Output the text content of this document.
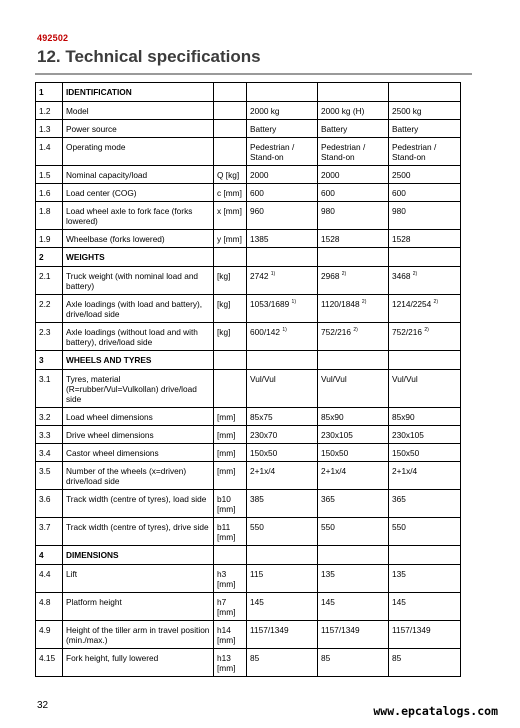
492502
12. Technical specifications
1	IDENTIFICATION				
1.2	Model		2000 kg	2000 kg (H)	2500 kg
1.3	Power source		Battery	Battery	Battery
1.4	Operating mode		Pedestrian / Stand-on	Pedestrian / Stand-on	Pedestrian / Stand-on
1.5	Nominal capacity/load	Q [kg]	2000	2000	2500
1.6	Load center (COG)	c [mm]	600	600	600
1.8	Load wheel axle to fork face (forks lowered)	x [mm]	960	980	980
1.9	Wheelbase (forks lowered)	y [mm]	1385	1528	1528
2	WEIGHTS				
2.1	Truck weight (with nominal load and battery)	[kg]	2742 $^{1)}$	2968 $^{2)}$	3468 $^{2)}$
2.2	Axle loadings (with load and battery), drive/load side	[kg]	1053/1689 $^{1)}$	1120/1848 $^{2)}$	1214/2254 $^{2)}$
2.3	Axle loadings (without load and with battery), drive/load side	[kg]	600/142 $^{1)}$	752/216 $^{2)}$	752/216 $^{2)}$
3	WHEELS AND TYRES				
3.1	Tyres, material (R=rubber/Vul=Vulkollan) drive/load side		Vul/Vul	Vul/Vul	Vul/Vul
3.2	Load wheel dimensions	[mm]	85x75	85x90	85x90
3.3	Drive wheel dimensions	[mm]	230x70	230x105	230x105
3.4	Castor wheel dimensions	[mm]	150x50	150x50	150x50
3.5	Number of the wheels (x=driven) drive/load side	[mm]	2+1x/4	2+1x/4	2+1x/4
3.6	Track width (centre of tyres), load side	b10 [mm]	385	365	365
3.7	Track width (centre of tyres), drive side	b11 [mm]	550	550	550
4	DIMENSIONS				
4.4	Lift	h3 [mm]	115	135	135
4.8	Platform height	h7 [mm]	145	145	145
4.9	Height of the tiller arm in travel position (min./max.)	h14 [mm]	1157/1349	1157/1349	1157/1349
4.15	Fork height, fully lowered	h13 [mm]	85	85	85
32	www.epcatalogs.com
